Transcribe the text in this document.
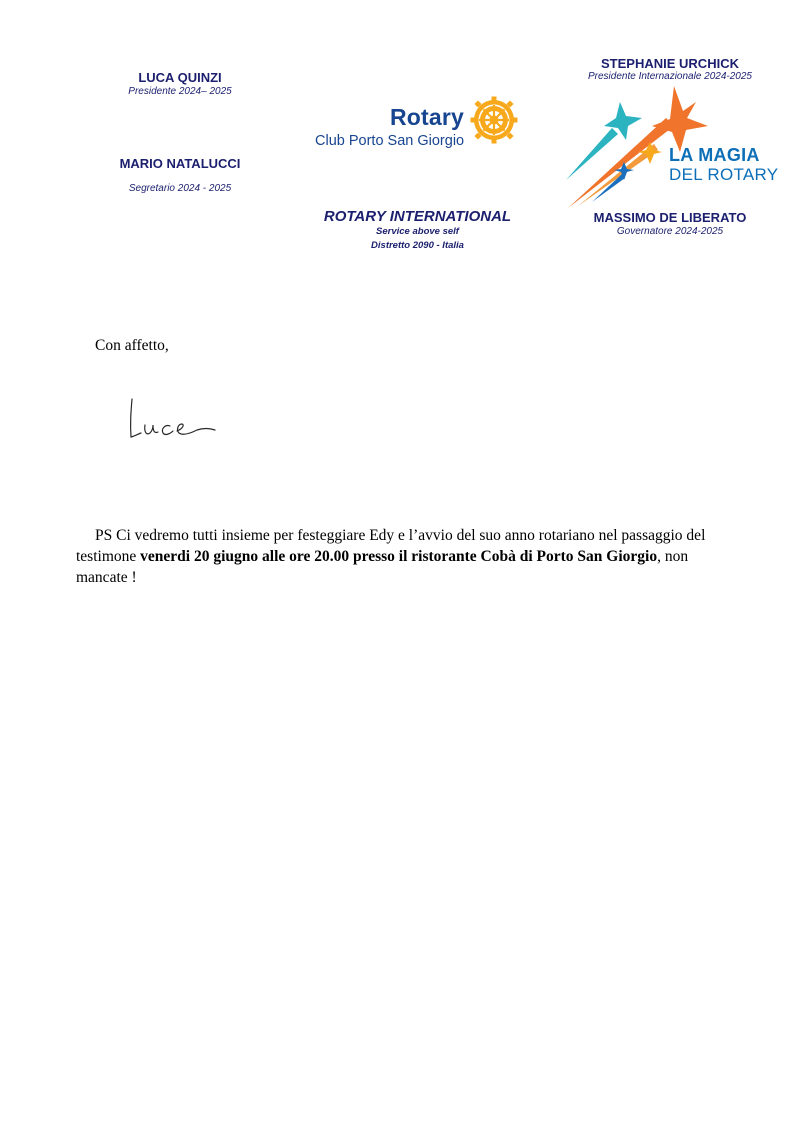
LUCA QUINZI
Presidente 2024– 2025
MARIO NATALUCCI
Segretario 2024 - 2025
Rotary
Club Porto San Giorgio
ROTARY INTERNATIONAL
Service above self
Distretto 2090 - Italia
STEPHANIE URCHICK
Presidente Internazionale 2024-2025
LA MAGIA
DEL ROTARY
MASSIMO DE LIBERATO
Governatore 2024-2025
Con affetto,
PS Ci vedremo tutti insieme per festeggiare Edy e l’avvio del suo anno rotariano nel passaggio del testimone venerdi 20 giugno alle ore 20.00 presso il ristorante Cobà di Porto San Giorgio, non mancate !
